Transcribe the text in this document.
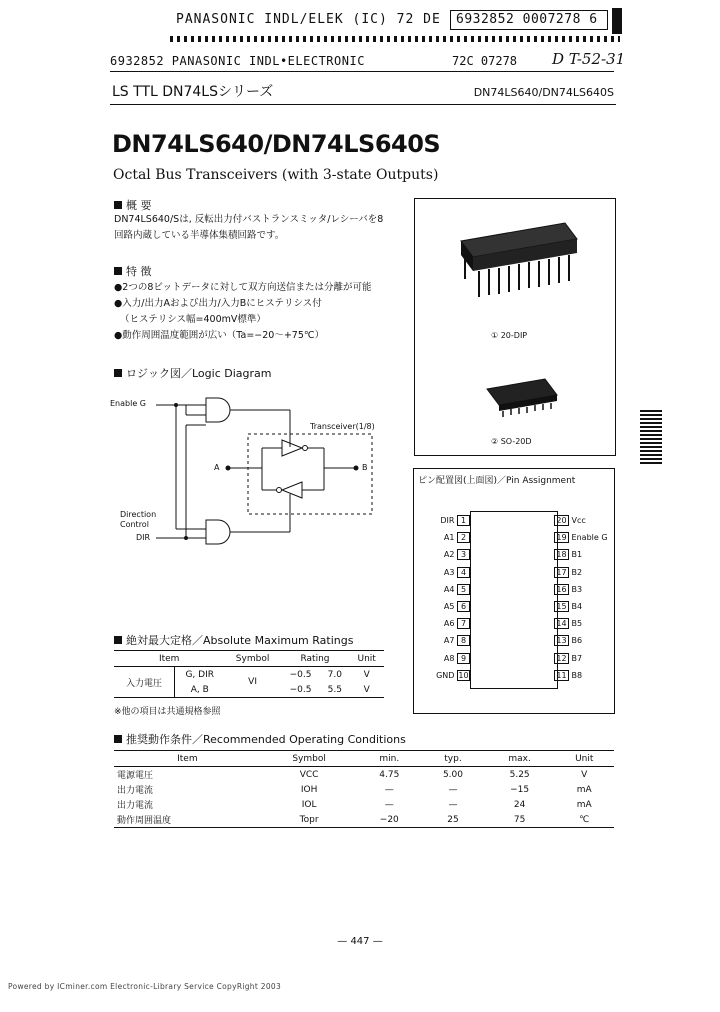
PANASONIC INDL/ELEK (IC) 72 DE 6932852 0007278 6
6932852 PANASONIC INDL•ELECTRONIC	72C 07278 D T-52-31
LS TTL DN74LSシリーズ	DN74LS640/DN74LS640S
DN74LS640/DN74LS640S
Octal Bus Transceivers (with 3-state Outputs)
概 要
DN74LS640/Sは, 反転出力付バストランスミッタ/レシーバを8
回路内蔵している半導体集積回路です。
特 徴
●2つの8ビットデータに対して双方向送信または分離が可能
●入力/出力Aおよび出力/入力Bにヒステリシス付
（ヒステリシス幅=400mV標準）
●動作周囲温度範囲が広い（Ta=−20〜+75℃）	① 20-DIP
② SO-20D
ロジック図／Logic Diagram
Enable G
Direction
Control
DIR
A	B
Transceiver(1/8)
ピン配置図(上面図)／Pin Assignment
DIR 1
A1 2
A2 3
A3 4
A4 5
A5 6
A6 7
A7 8
A8 9
GND 10
20 Vcc
19 Enable G
18 B1
17 B2
16 B3
15 B4
14 B5
13 B6
12 B7
11 B8
絶対最大定格／Absolute Maximum Ratings
Item		Symbol	Rating		Unit
入力電圧	G, DIR	VI	−0.5	7.0	V
	A, B		−0.5	5.5	V
※他の項目は共通規格参照
推奨動作条件／Recommended Operating Conditions
Item	Symbol	min.	typ.	max.	Unit
電源電圧	VCC	4.75	5.00	5.25	V
出力電流	IOH	—	—	−15	mA
出力電流	IOL	—	—	24	mA
動作周囲温度	Topr	−20	25	75	℃
— 447 —
Powered by ICminer.com Electronic-Library Service CopyRight 2003
